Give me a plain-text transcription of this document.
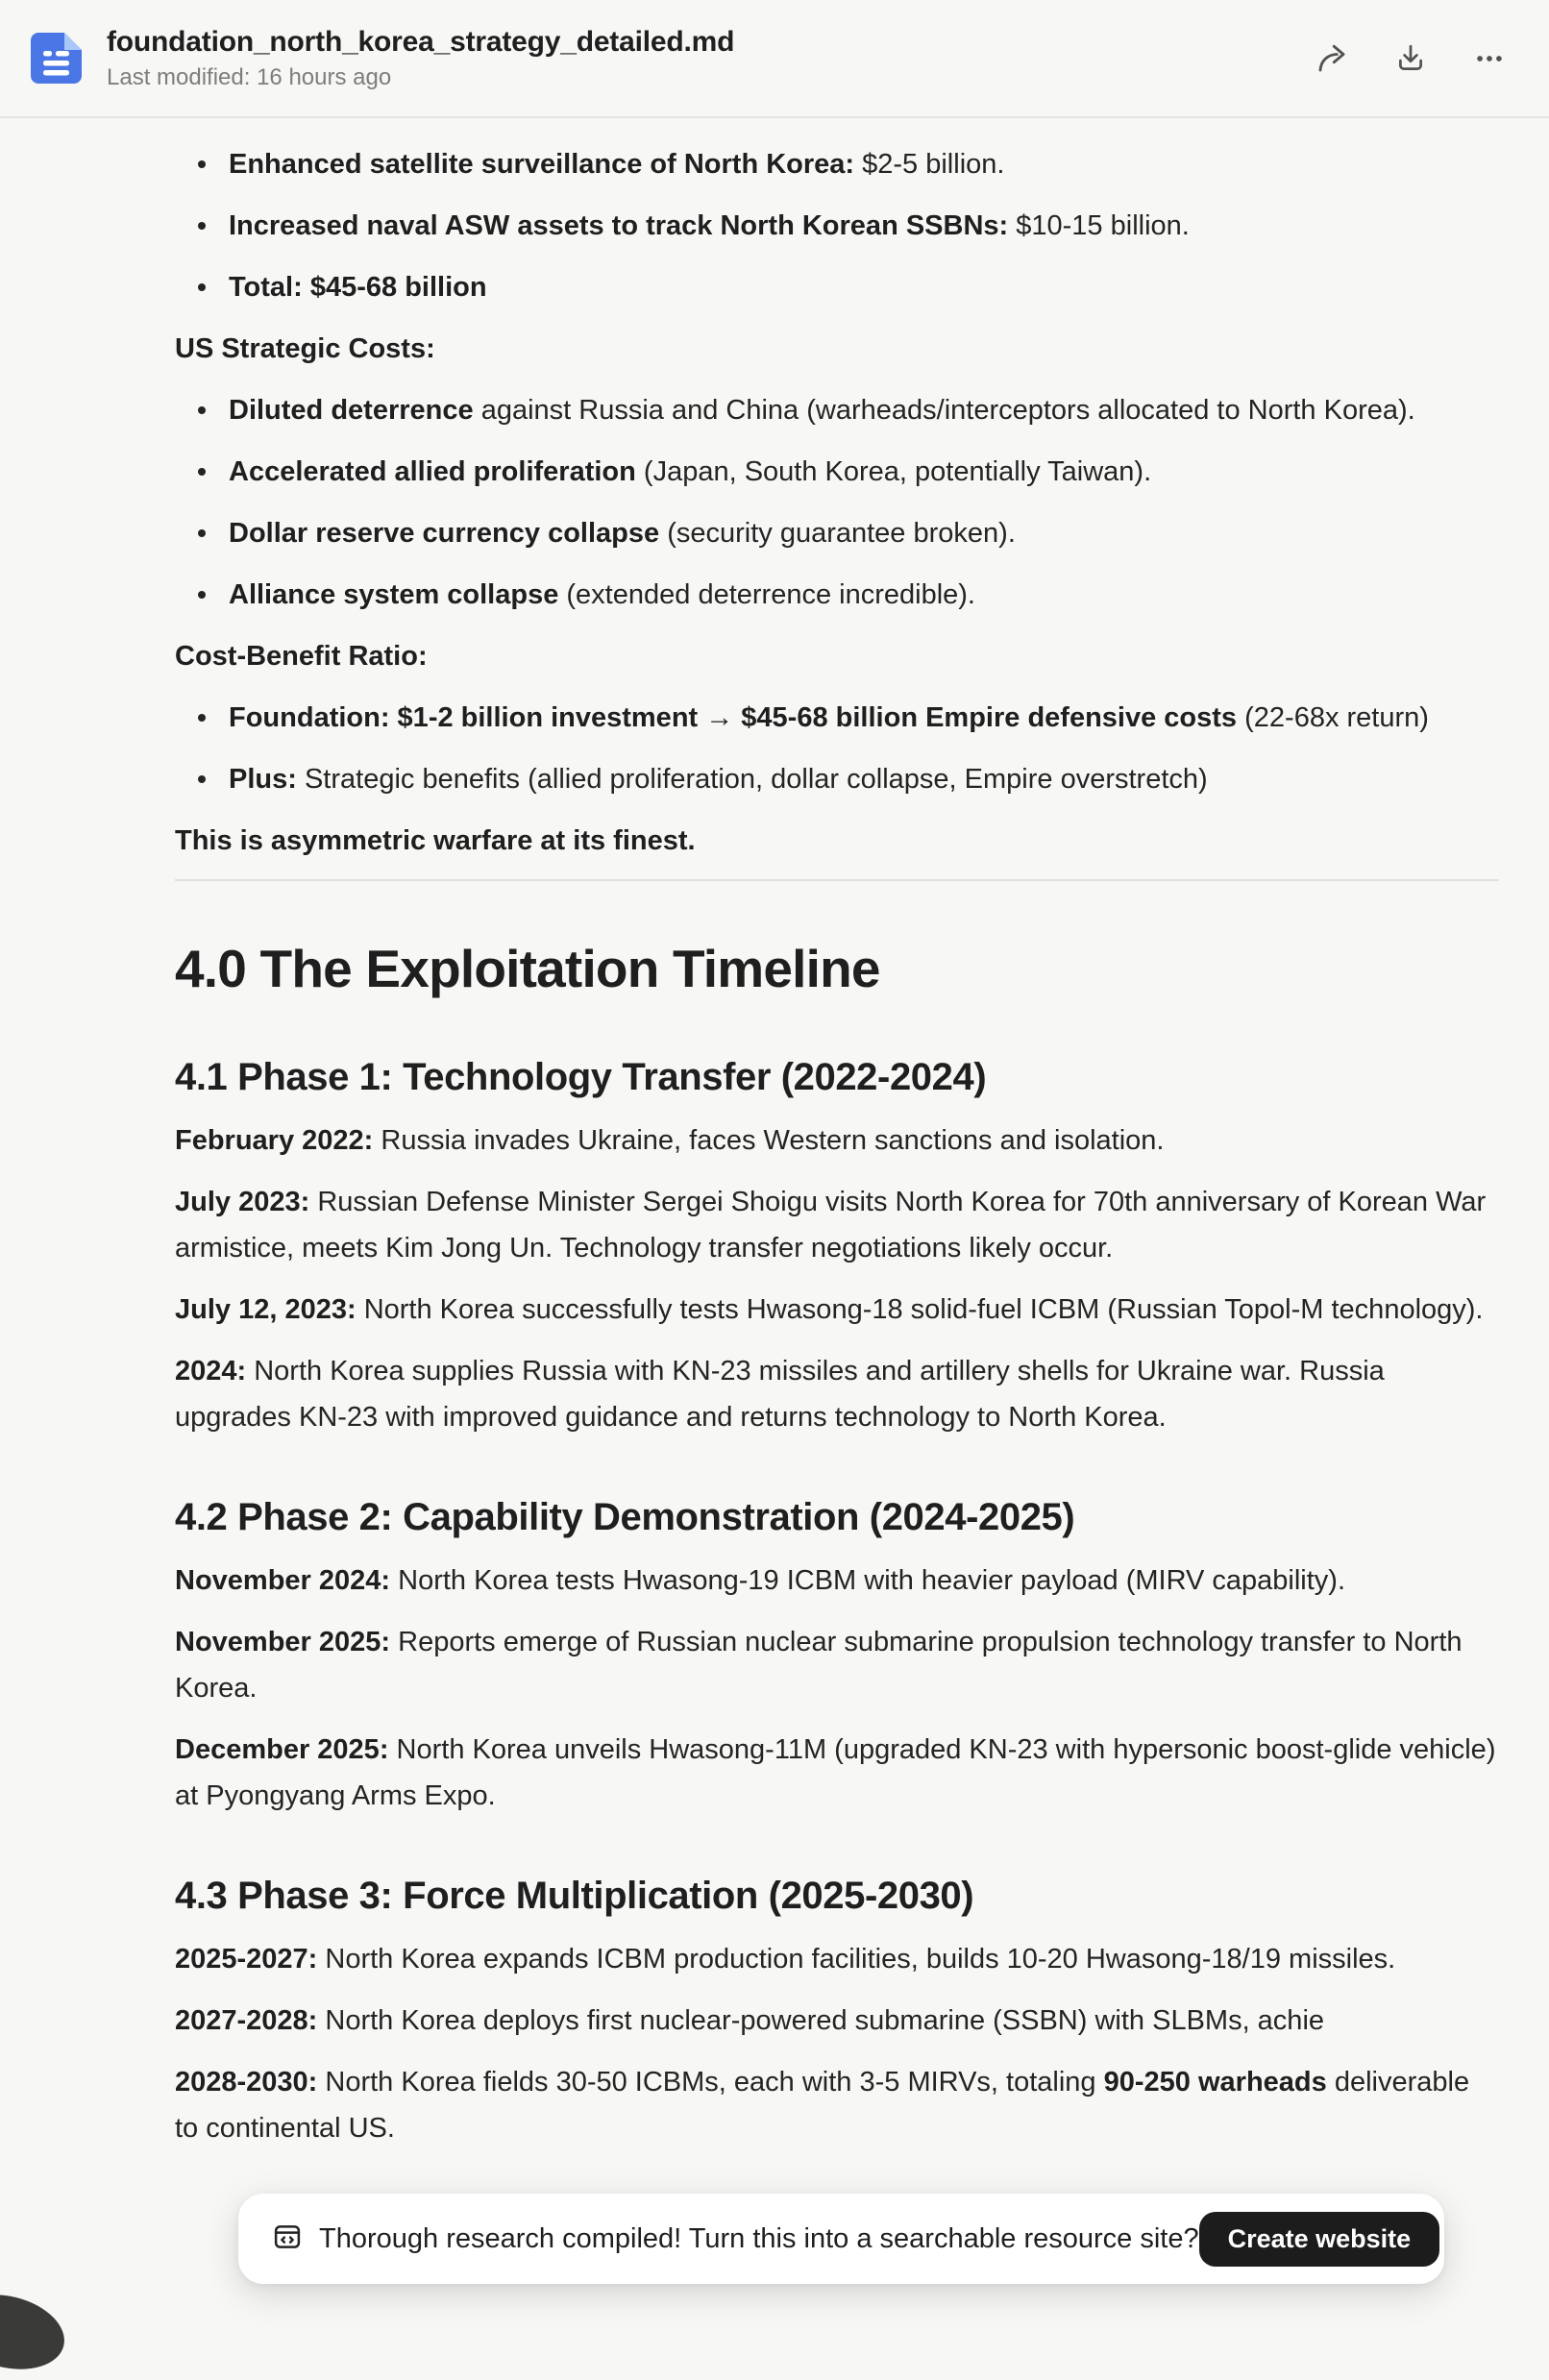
foundation_north_korea_strategy_detailed.md
Last modified: 16 hours ago
Enhanced satellite surveillance of North Korea: $2-5 billion.
Increased naval ASW assets to track North Korean SSBNs: $10-15 billion.
Total: $45-68 billion

US Strategic Costs:

Diluted deterrence against Russia and China (warheads/interceptors allocated to North Korea).
Accelerated allied proliferation (Japan, South Korea, potentially Taiwan).
Dollar reserve currency collapse (security guarantee broken).
Alliance system collapse (extended deterrence incredible).

Cost-Benefit Ratio:

Foundation: $1-2 billion investment → $45-68 billion Empire defensive costs (22-68x return)
Plus: Strategic benefits (allied proliferation, dollar collapse, Empire overstretch)

This is asymmetric warfare at its finest.

4.0 The Exploitation Timeline
4.1 Phase 1: Technology Transfer (2022-2024)

February 2022: Russia invades Ukraine, faces Western sanctions and isolation.

July 2023: Russian Defense Minister Sergei Shoigu visits North Korea for 70th anniversary of Korean War armistice, meets Kim Jong Un. Technology transfer negotiations likely occur.

July 12, 2023: North Korea successfully tests Hwasong-18 solid-fuel ICBM (Russian Topol-M technology).

2024: North Korea supplies Russia with KN-23 missiles and artillery shells for Ukraine war. Russia upgrades KN-23 with improved guidance and returns technology to North Korea.

4.2 Phase 2: Capability Demonstration (2024-2025)

November 2024: North Korea tests Hwasong-19 ICBM with heavier payload (MIRV capability).

November 2025: Reports emerge of Russian nuclear submarine propulsion technology transfer to North Korea.

December 2025: North Korea unveils Hwasong-11M (upgraded KN-23 with hypersonic boost-glide vehicle) at Pyongyang Arms Expo.

4.3 Phase 3: Force Multiplication (2025-2030)

2025-2027: North Korea expands ICBM production facilities, builds 10-20 Hwasong-18/19 missiles.

2027-2028: North Korea deploys first nuclear-powered submarine (SSBN) with SLBMs, achie

2028-2030: North Korea fields 30-50 ICBMs, each with 3-5 MIRVs, totaling 90-250 warheads deliverable to continental US.

Thorough research compiled! Turn this into a searchable resource site?	Create website
